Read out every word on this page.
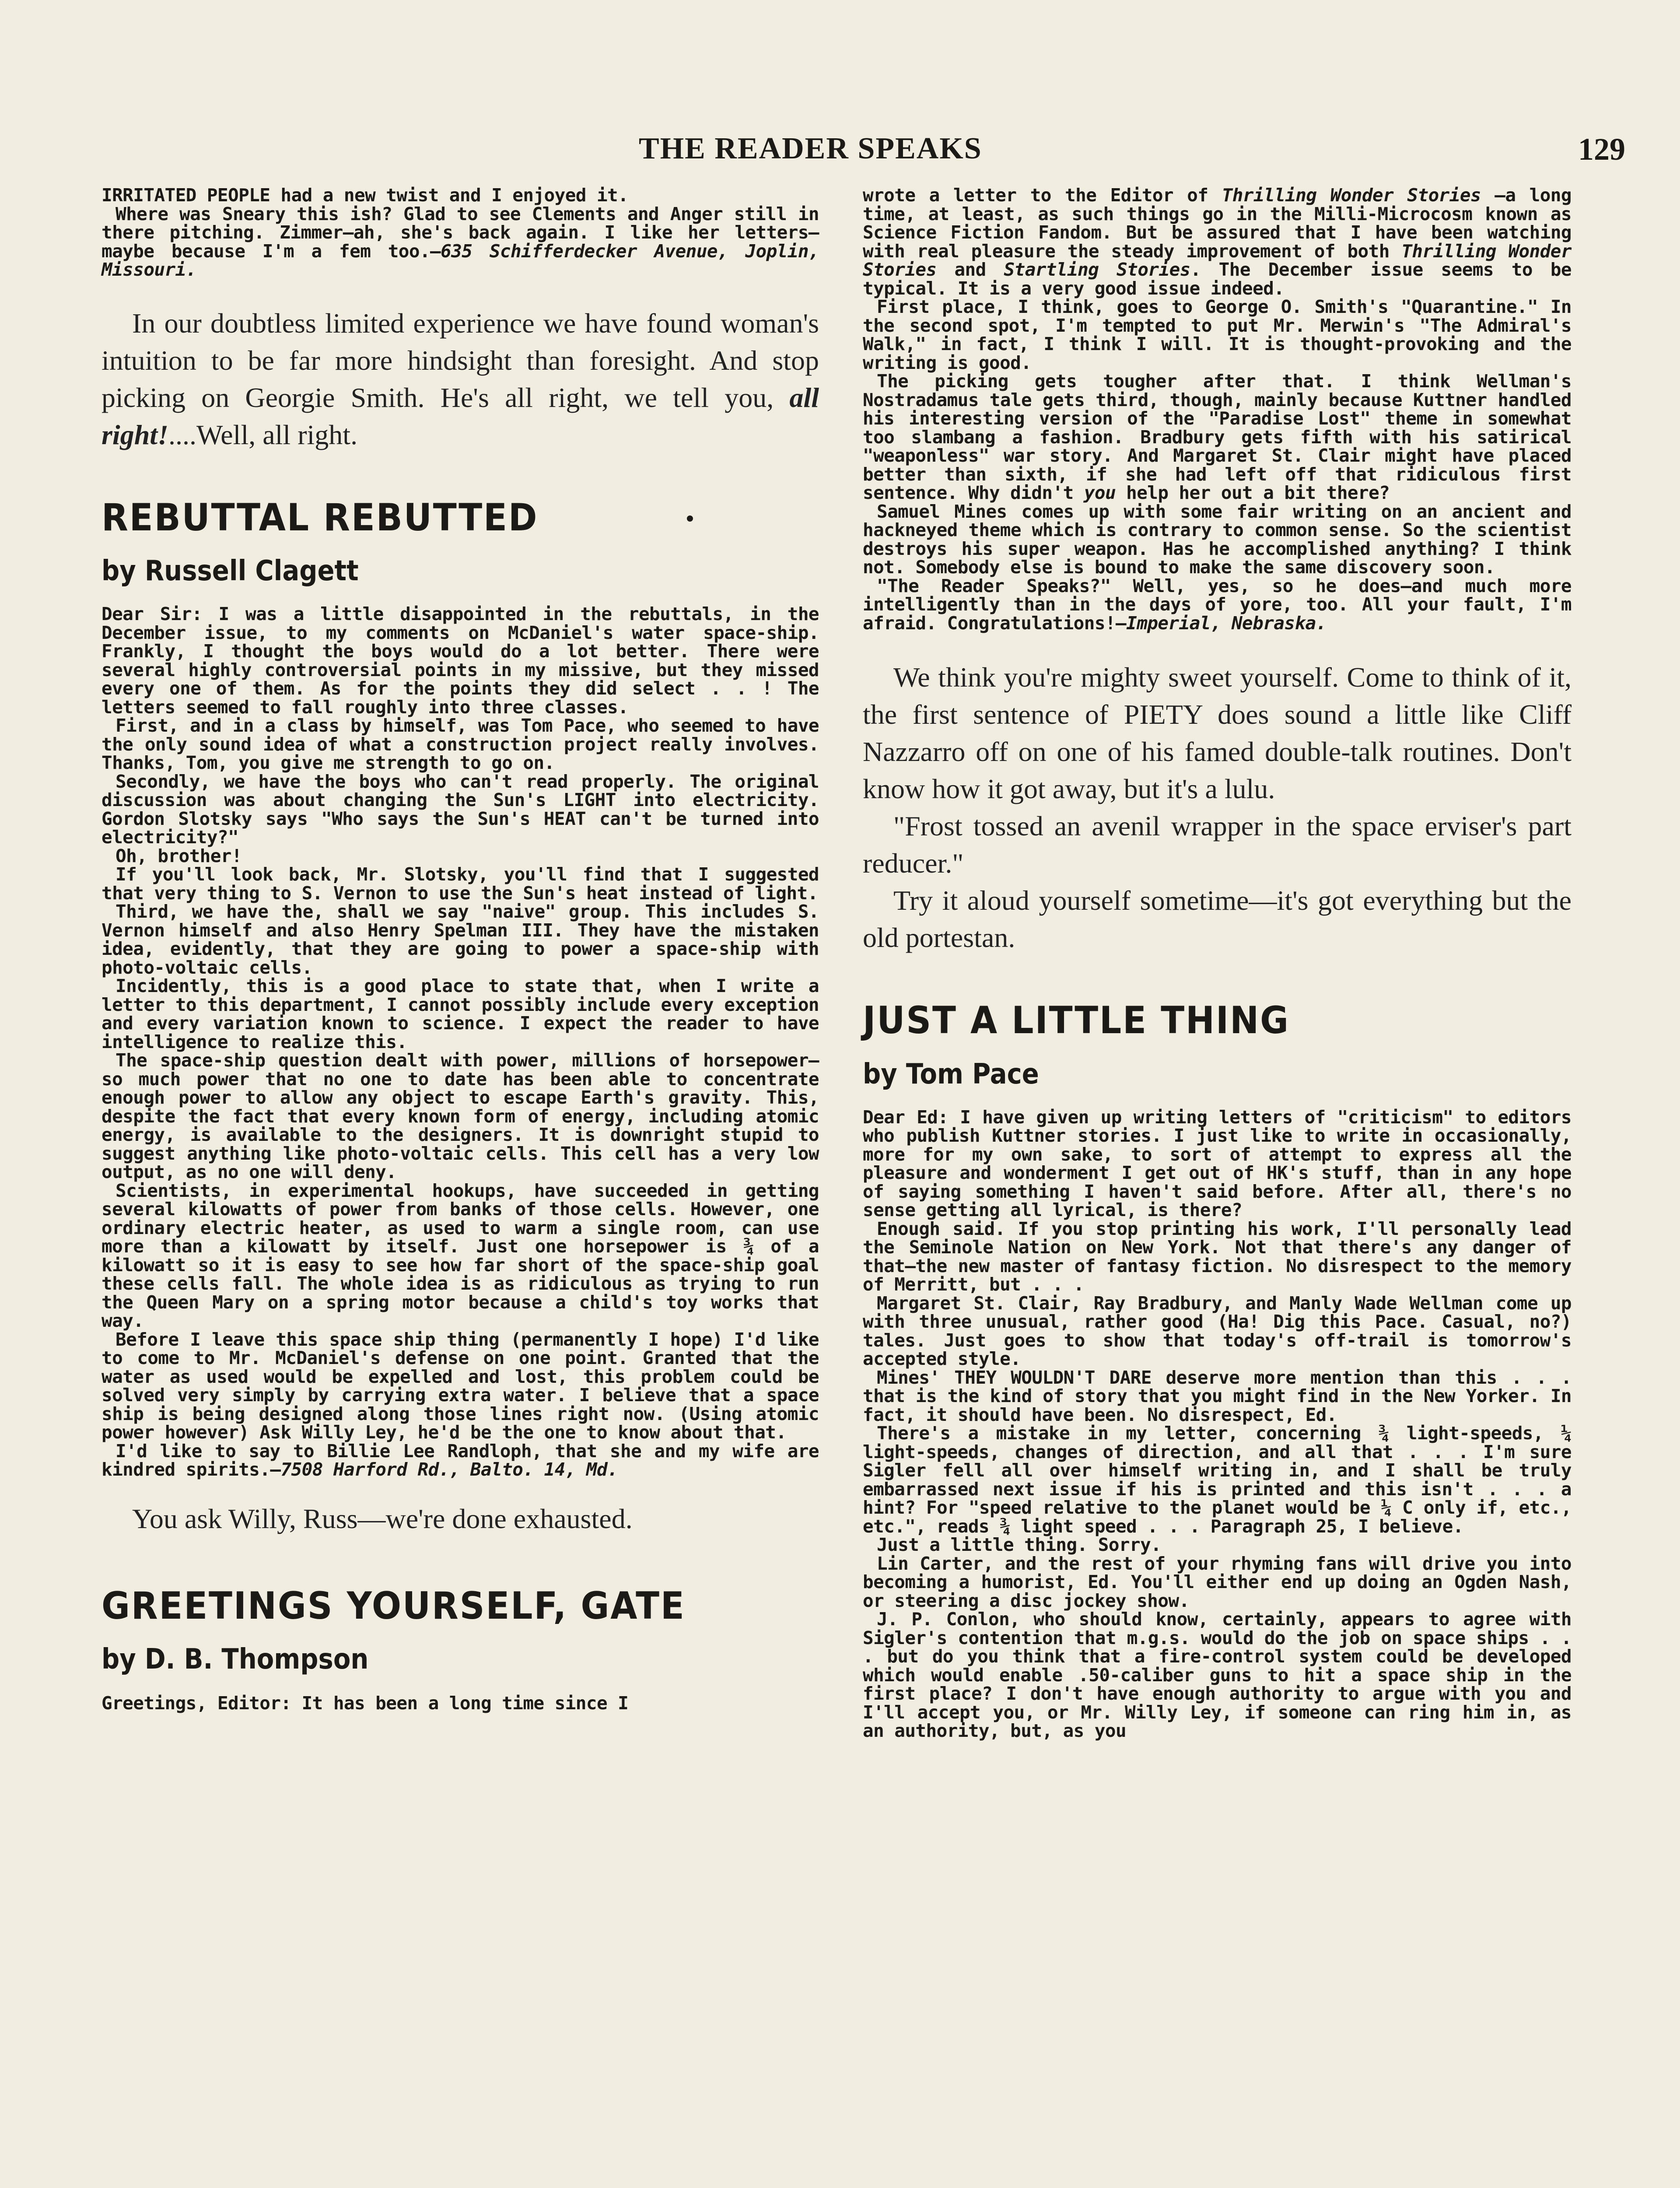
THE READER SPEAKS	129

IRRITATED PEOPLE had a new twist and I enjoyed it.

Where was Sneary this ish? Glad to see Clements and Anger still in there pitching. Zimmer—ah, she's back again. I like her letters—maybe because I'm a fem too.—635 Schifferdecker Avenue, Joplin, Missouri.

In our doubtless limited experience we have found woman's intuition to be far more hindsight than foresight. And stop picking on Georgie Smith. He's all right, we tell you, all right!....Well, all right.

REBUTTAL REBUTTED

by Russell Clagett

Dear Sir: I was a little disappointed in the rebuttals, in the December issue, to my comments on McDaniel's water space-ship. Frankly, I thought the boys would do a lot better. There were several highly controversial points in my missive, but they missed every one of them. As for the points they did select . . ! The letters seemed to fall roughly into three classes.

First, and in a class by himself, was Tom Pace, who seemed to have the only sound idea of what a construction project really involves. Thanks, Tom, you give me strength to go on.

Secondly, we have the boys who can't read properly. The original discussion was about changing the Sun's LIGHT into electricity. Gordon Slotsky says "Who says the Sun's HEAT can't be turned into electricity?"

Oh, brother!

If you'll look back, Mr. Slotsky, you'll find that I suggested that very thing to S. Vernon to use the Sun's heat instead of light.

Third, we have the, shall we say "naive" group. This includes S. Vernon himself and also Henry Spelman III. They have the mistaken idea, evidently, that they are going to power a space-ship with photo-voltaic cells.

Incidently, this is a good place to state that, when I write a letter to this department, I cannot possibly include every exception and every variation known to science. I expect the reader to have intelligence to realize this.

The space-ship question dealt with power, millions of horsepower—so much power that no one to date has been able to concentrate enough power to allow any object to escape Earth's gravity. This, despite the fact that every known form of energy, including atomic energy, is available to the designers. It is downright stupid to suggest anything like photo-voltaic cells. This cell has a very low output, as no one will deny.

Scientists, in experimental hookups, have succeeded in getting several kilowatts of power from banks of those cells. However, one ordinary electric heater, as used to warm a single room, can use more than a kilowatt by itself. Just one horsepower is ¾ of a kilowatt so it is easy to see how far short of the space-ship goal these cells fall. The whole idea is as ridiculous as trying to run the Queen Mary on a spring motor because a child's toy works that way.

Before I leave this space ship thing (permanently I hope) I'd like to come to Mr. McDaniel's defense on one point. Granted that the water as used would be expelled and lost, this problem could be solved very simply by carrying extra water. I believe that a space ship is being designed along those lines right now. (Using atomic power however) Ask Willy Ley, he'd be the one to know about that.

I'd like to say to Billie Lee Randloph, that she and my wife are kindred spirits.—7508 Harford Rd., Balto. 14, Md.

You ask Willy, Russ—we're done exhausted.

GREETINGS YOURSELF, GATE

by D. B. Thompson

Greetings, Editor: It has been a long time since I

wrote a letter to the Editor of Thrilling Wonder Stories —a long time, at least, as such things go in the Milli-Microcosm known as Science Fiction Fandom. But be assured that I have been watching with real pleasure the steady improvement of both Thrilling Wonder Stories and Startling Stories. The December issue seems to be typical. It is a very good issue indeed.

First place, I think, goes to George O. Smith's "Quarantine." In the second spot, I'm tempted to put Mr. Merwin's "The Admiral's Walk," in fact, I think I will. It is thought-provoking and the writing is good.

The picking gets tougher after that. I think Wellman's Nostradamus tale gets third, though, mainly because Kuttner handled his interesting version of the "Paradise Lost" theme in somewhat too slambang a fashion. Bradbury gets fifth with his satirical "weaponless" war story. And Margaret St. Clair might have placed better than sixth, if she had left off that ridiculous first sentence. Why didn't you help her out a bit there?

Samuel Mines comes up with some fair writing on an ancient and hackneyed theme which is contrary to common sense. So the scientist destroys his super weapon. Has he accomplished anything? I think not. Somebody else is bound to make the same discovery soon.

"The Reader Speaks?" Well, yes, so he does—and much more intelligently than in the days of yore, too. All your fault, I'm afraid. Congratulations!—Imperial, Nebraska.

We think you're mighty sweet yourself. Come to think of it, the first sentence of PIETY does sound a little like Cliff Nazzarro off on one of his famed double-talk routines. Don't know how it got away, but it's a lulu.

"Frost tossed an avenil wrapper in the space erviser's part reducer."

Try it aloud yourself sometime—it's got everything but the old portestan.

JUST A LITTLE THING

by Tom Pace

Dear Ed: I have given up writing letters of "criticism" to editors who publish Kuttner stories. I just like to write in occasionally, more for my own sake, to sort of attempt to express all the pleasure and wonderment I get out of HK's stuff, than in any hope of saying something I haven't said before. After all, there's no sense getting all lyrical, is there?

Enough said. If you stop printing his work, I'll personally lead the Seminole Nation on New York. Not that there's any danger of that—the new master of fantasy fiction. No disrespect to the memory of Merritt, but . . .

Margaret St. Clair, Ray Bradbury, and Manly Wade Wellman come up with three unusual, rather good (Ha! Dig this Pace. Casual, no?) tales. Just goes to show that today's off-trail is tomorrow's accepted style.

Mines' THEY WOULDN'T DARE deserve more mention than this . . . that is the kind of story that you might find in the New Yorker. In fact, it should have been. No disrespect, Ed.

There's a mistake in my letter, concerning ¾ light-speeds, ¼ light-speeds, changes of direction, and all that . . . I'm sure Sigler fell all over himself writing in, and I shall be truly embarrassed next issue if his is printed and this isn't . . . a hint? For "speed relative to the planet would be ¼ C only if, etc., etc.", reads ¾ light speed . . . Paragraph 25, I believe.

Just a little thing. Sorry.

Lin Carter, and the rest of your rhyming fans will drive you into becoming a humorist, Ed. You'll either end up doing an Ogden Nash, or steering a disc jockey show.

J. P. Conlon, who should know, certainly, appears to agree with Sigler's contention that m.g.s. would do the job on space ships . . . but do you think that a fire-control system could be developed which would enable .50-caliber guns to hit a space ship in the first place? I don't have enough authority to argue with you and I'll accept you, or Mr. Willy Ley, if someone can ring him in, as an authority, but, as you
